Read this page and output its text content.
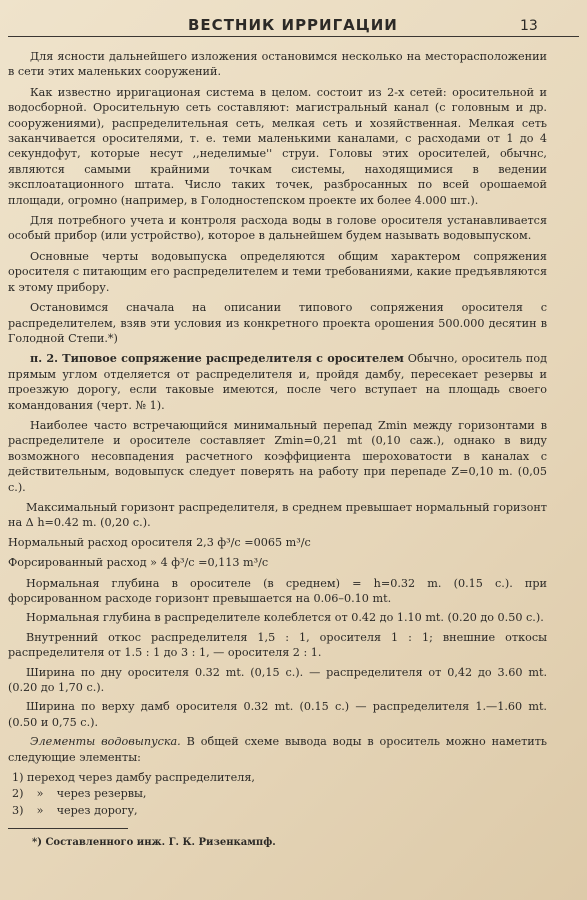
ВЕСТНИК ИРРИГАЦИИ	13

Для ясности дальнейшего изложения остановимся несколько на месторасположении в сети этих маленьких сооружений.

Как известно ирригационая система в целом. состоит из 2-х сетей: оросительной и водосборной. Оросительную сеть составляют: магистральный канал (с головным и др. сооружениями), распределительная сеть, мелкая сеть и хозяйственная. Мелкая сеть заканчивается оросителями, т. е. теми маленькими каналами, с расходами от 1 до 4 секундофут, которые несут ,,неделимые'' струи. Головы этих оросителей, обычнс, являются самыми крайними точкам системы, находящимися в ведении эксплоатационного штата. Число таких точек, разбросанных по всей орошаемой площади, огромно (например, в Голодностепском проекте их более 4.000 шт.).

Для потребного учета и контроля расхода воды в голове оросителя устанавливается особый прибор (или устройство), которое в дальнейшем будем называть водовыпуском.

Основные черты водовыпуска определяются общим характером сопряжения оросителя с питающим его распределителем и теми требованиями, какие предъявляются к этому прибору.

Остановимся сначала на описании типового сопряжения оросителя с распределителем, взяв эти условия из конкретного проекта орошения 500.000 десятин в Голодной Степи.*)

п. 2. Типовое сопряжение распределителя с оросителем Обычно, ороситель под прямым углом отделяется от распределителя и, пройдя дамбу, пересекает резервы и проезжую дорогу, если таковые имеются, после чего вступает на площадь своего командования (черт. № 1).

Наиболее часто встречающийся минимальный перепад Zmin между горизонтами в распределителе и оросителе составляет Zmin=0,21 mt (0,10 саж.), однако в виду возможного несовпадения расчетного коэффициента шероховатости в каналах с действительным, водовыпуск следует поверять на работу при перепаде Z=0,10 m. (0,05 с.).

Максимальный горизонт распределителя, в среднем превышает нормальный горизонт на Δ h=0.42 m. (0,20 с.).

Нормальный расход оросителя 2,3 ф³/с =0065 m³/с

Форсированный расход » 4 ф³/с =0,113 m³/с

Нормальная глубина в оросителе (в среднем) = h=0.32 m. (0.15 с.). при форсированном расходе горизонт превышается на 0.06–0.10 mt.

Нормальная глубина в распределителе колеблется от 0.42 до 1.10 mt. (0.20 до 0.50 с.).

Внутренний откос распределителя 1,5 : 1, оросителя 1 : 1; внешние откосы распределителя от 1.5 : 1 до 3 : 1, — оросителя 2 : 1.

Ширина по дну оросителя 0.32 mt. (0,15 с.). — распределителя от 0,42 до 3.60 mt. (0.20 до 1,70 с.).

Ширина по верху дамб оросителя 0.32 mt. (0.15 с.) — распределителя 1.—1.60 mt. (0.50 и 0,75 с.).

Элементы водовыпуска. В общей схеме вывода воды в ороситель можно наметить следующие элементы:

1) переход через дамбу распределителя,
2) » через резервы,
3) » через дорогу,
*) Составленного инж. Г. К. Ризенкампф.
